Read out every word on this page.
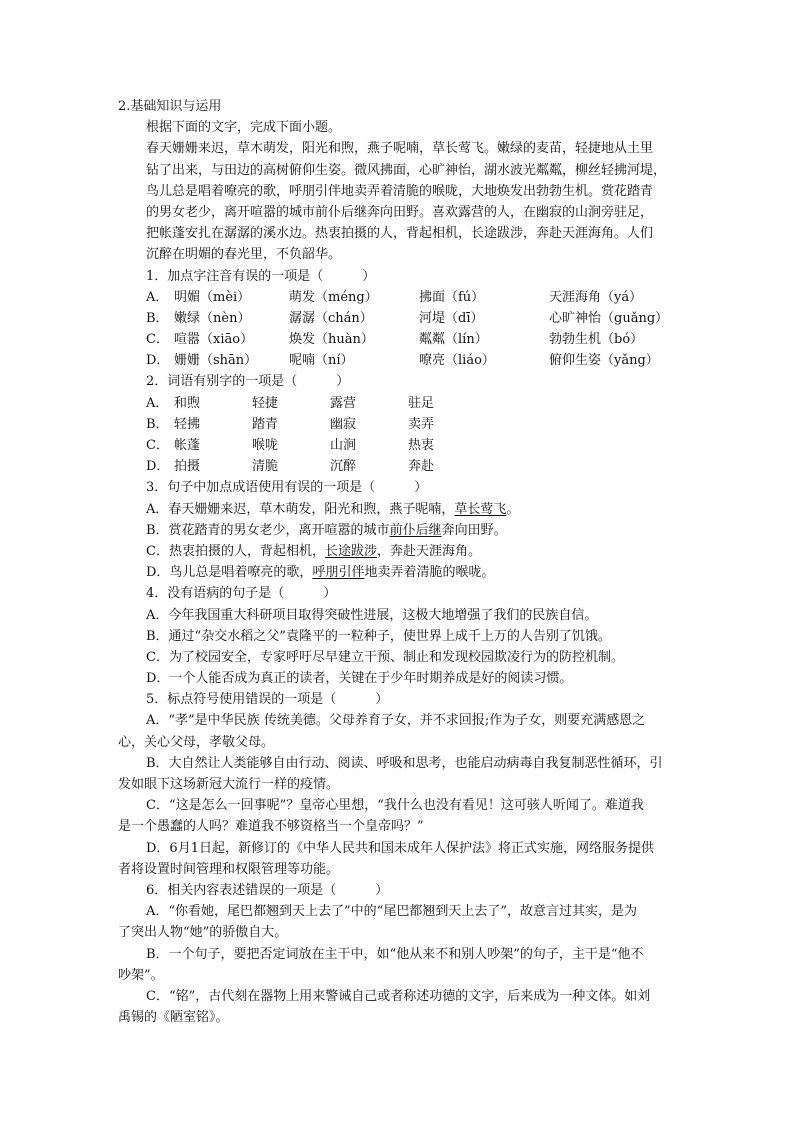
2.基础知识与运用
根据下面的文字，完成下面小题。
春天姗姗来迟，草木萌发，阳光和煦，燕子呢喃，草长莺飞。嫩绿的麦苗，轻捷地从土里
钻了出来，与田边的高树俯仰生姿。微风拂面，心旷神怡，湖水波光粼粼，柳丝轻拂河堤，
鸟儿总是唱着嘹亮的歌，呼朋引伴地卖弄着清脆的喉咙，大地焕发出勃勃生机。赏花踏青
的男女老少，离开喧嚣的城市前仆后继奔向田野。喜欢露营的人，在幽寂的山涧旁驻足，
把帐蓬安扎在潺潺的溪水边。热衷拍摄的人，背起相机，长途跋涉，奔赴天涯海角。人们
沉醉在明媚的春光里，不负韶华。
1．加点字注音有误的一项是（　　　）
A． 明媚（mèi）	萌发（méng）	拂面（fú）	天涯海角（yá）
B． 嫩绿（nèn）	潺潺（chán）	河堤（dī）	心旷神怡（guǎng）
C． 喧嚣（xiāo）	焕发（huàn）	粼粼（lín）	勃勃生机（bó）
D． 姗姗（shān）	呢喃（ní）	嘹亮（liáo）	俯仰生姿（yǎng）
2．词语有别字的一项是（　　　）
A． 和煦	轻捷	露营	驻足
B． 轻拂	踏青	幽寂	卖弄
C． 帐蓬	喉咙	山涧	热衷
D． 拍摄	清脆	沉醉	奔赴
3．句子中加点成语使用有误的一项是（　　　）
A．春天姗姗来迟，草木萌发，阳光和煦，燕子呢喃，草长莺飞。
B．赏花踏青的男女老少，离开喧嚣的城市前仆后继奔向田野。
C．热衷拍摄的人，背起相机，长途跋涉，奔赴天涯海角。
D．鸟儿总是唱着嘹亮的歌，呼朋引伴地卖弄着清脆的喉咙。
4．没有语病的句子是（　　　）
A．今年我国重大科研项目取得突破性进展，这极大地增强了我们的民族自信。
B．通过“杂交水稻之父”袁隆平的一粒种子，使世界上成千上万的人告别了饥饿。
C．为了校园安全，专家呼吁尽早建立干预、制止和发现校园欺凌行为的防控机制。
D．一个人能否成为真正的读者，关键在于少年时期养成是好的阅读习惯。
5．标点符号使用错误的一项是（　　　）
A．“孝”是中华民族 传统美德。父母养育子女，并不求回报;作为子女，则要充满感恩之
心，关心父母，孝敬父母。
B．大自然让人类能够自由行动、阅读、呼吸和思考，也能启动病毒自我复制恶性循环，引
发如眼下这场新冠大流行一样的疫情。
C．“这是怎么一回事呢”？皇帝心里想，“我什么也没有看见！这可骇人听闻了。难道我
是一个愚蠢的人吗？难道我不够资格当一个皇帝吗？”
D．6月1日起，新修订的《中华人民共和国未成年人保护法》将正式实施，网络服务提供
者将设置时间管理和权限管理等功能。
6．相关内容表述错误的一项是（　　　）
A．“你看她，尾巴都翘到天上去了”中的“尾巴都翘到天上去了”，故意言过其实，是为
了突出人物“她”的骄傲自大。
B．一个句子，要把否定词放在主干中，如“他从来不和别人吵架”的句子，主干是“他不
吵架”。
C．“铭”，古代刻在器物上用来警诫自己或者称述功德的文字，后来成为一种文体。如刘
禹锡的《陋室铭》。
